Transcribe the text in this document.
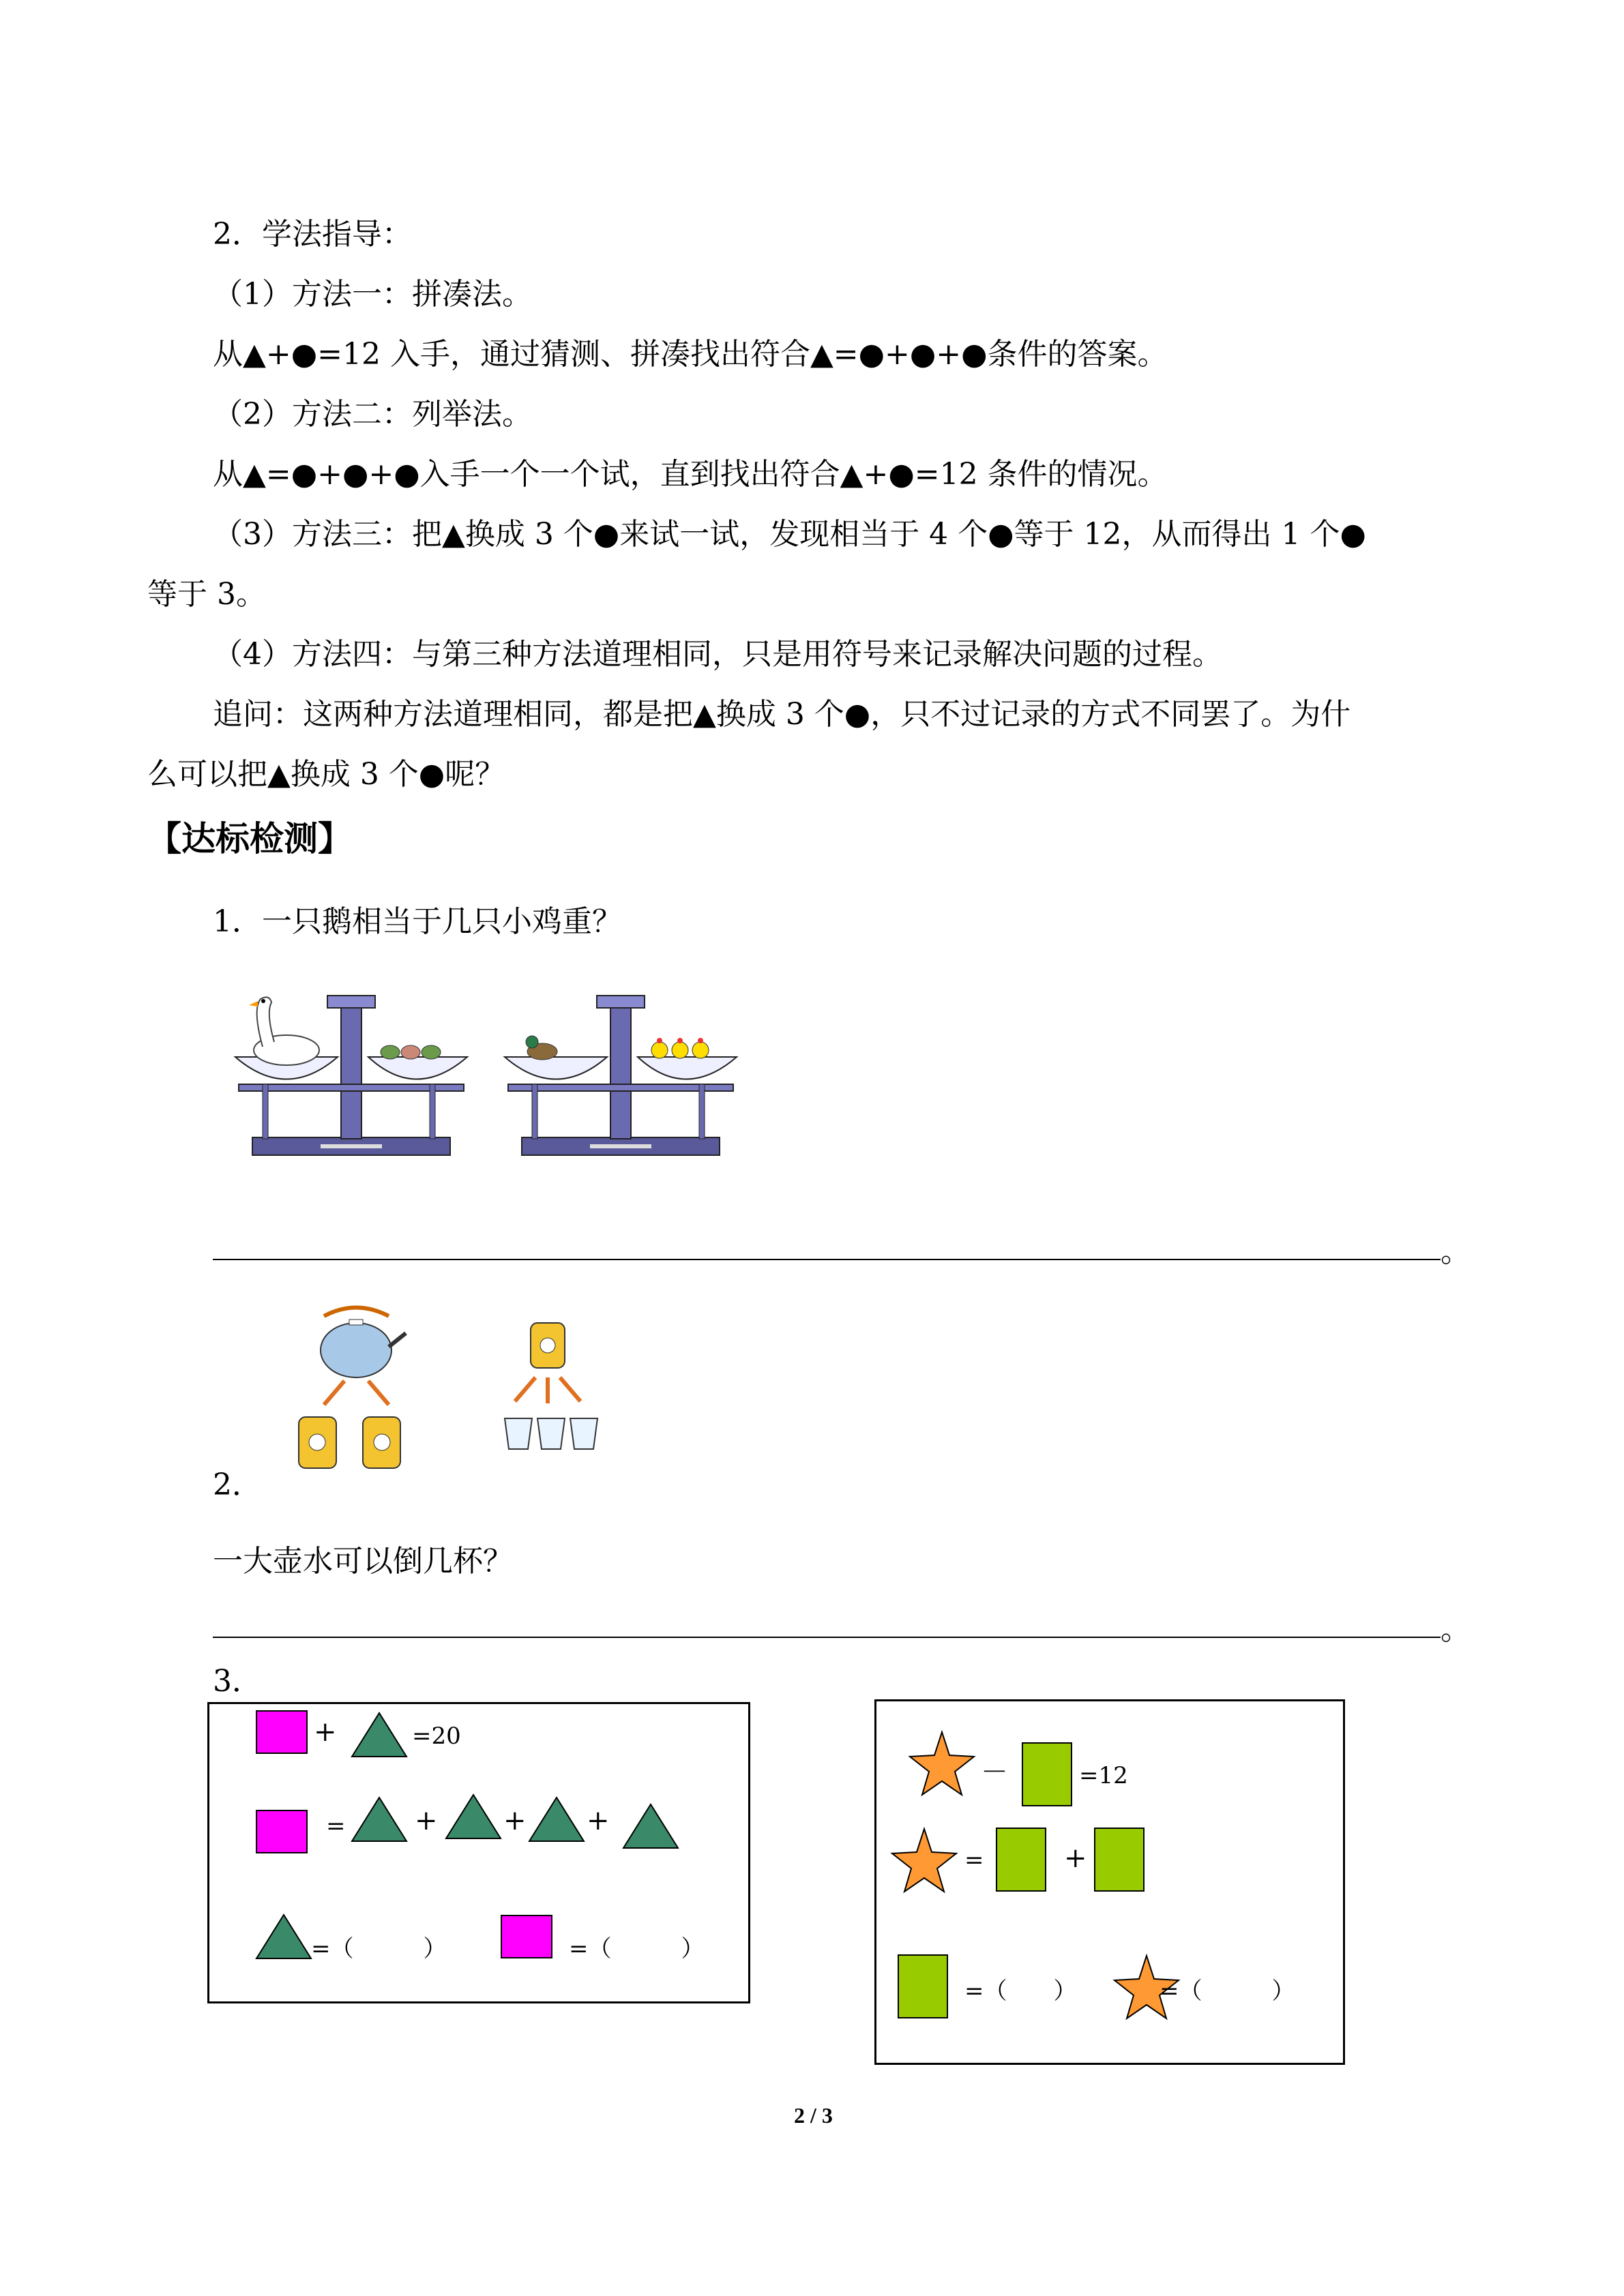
2．学法指导：
（1）方法一：拼凑法。
从▲+●=12 入手，通过猜测、拼凑找出符合▲=●+●+●条件的答案。
（2）方法二：列举法。
从▲=●+●+●入手一个一个试，直到找出符合▲+●=12 条件的情况。
（3）方法三：把▲换成 3 个●来试一试，发现相当于 4 个●等于 12，从而得出 1 个●
等于 3。
（4）方法四：与第三种方法道理相同，只是用符号来记录解决问题的过程。
追问：这两种方法道理相同，都是把▲换成 3 个●，只不过记录的方式不同罢了。为什
么可以把▲换成 3 个●呢？
【达标检测】
1．一只鹅相当于几只小鸡重？
。
2．
一大壶水可以倒几杯？
。
3．
+	=20
=	+ + +
=（　　　）	=（　　　）
－	=12
=	+
=（　　）	=（　　　）
2 / 3
